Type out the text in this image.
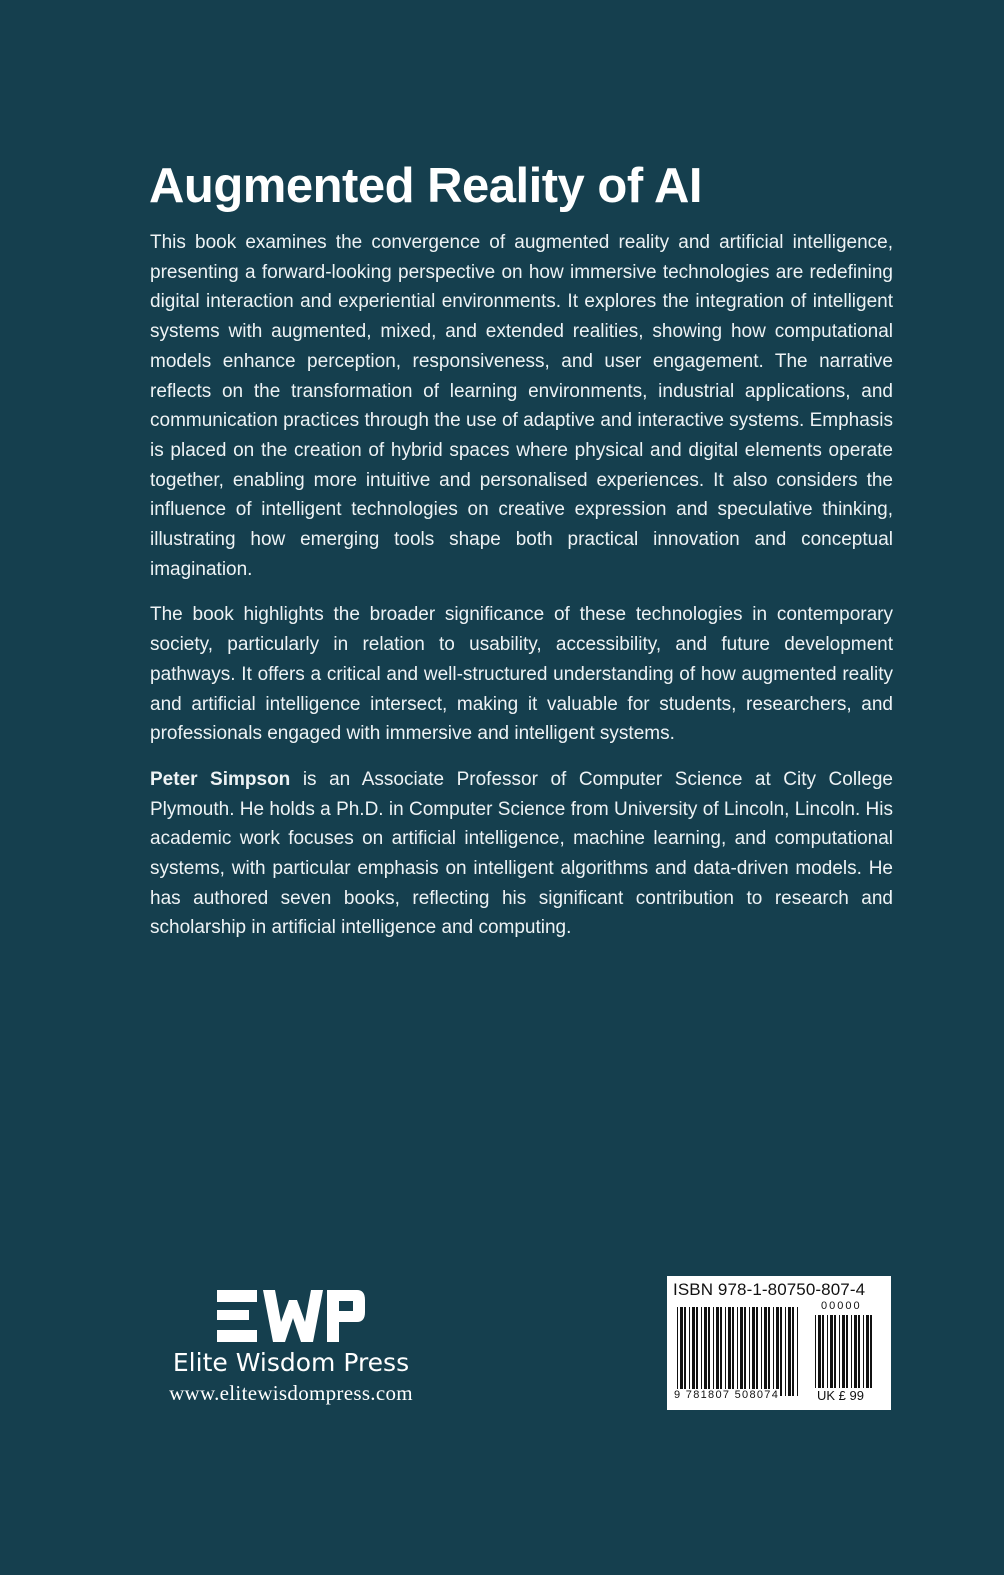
Augmented Reality of AI

This book examines the convergence of augmented reality and artificial intelligence, presenting a forward-looking perspective on how immersive technologies are redefining digital interaction and experiential environments. It explores the integration of intelligent systems with augmented, mixed, and extended realities, showing how computational models enhance perception, responsiveness, and user engagement. The narrative reflects on the transformation of learning environments, industrial applications, and communication practices through the use of adaptive and interactive systems. Emphasis is placed on the creation of hybrid spaces where physical and digital elements operate together, enabling more intuitive and personalised experiences. It also considers the influence of intelligent technologies on creative expression and speculative thinking, illustrating how emerging tools shape both practical innovation and conceptual imagination.

The book highlights the broader significance of these technologies in contemporary society, particularly in relation to usability, accessibility, and future development pathways. It offers a critical and well-structured understanding of how augmented reality and artificial intelligence intersect, making it valuable for students, researchers, and professionals engaged with immersive and intelligent systems.

Peter Simpson is an Associate Professor of Computer Science at City College Plymouth. He holds a Ph.D. in Computer Science from University of Lincoln, Lincoln. His academic work focuses on artificial intelligence, machine learning, and computational systems, with particular emphasis on intelligent algorithms and data-driven models. He has authored seven books, reflecting his significant contribution to research and scholarship in artificial intelligence and computing.

Elite Wisdom Press
www.elitewisdompress.com
ISBN 978-1-80750-807-4
00000
9 781807 508074	UK £ 99
